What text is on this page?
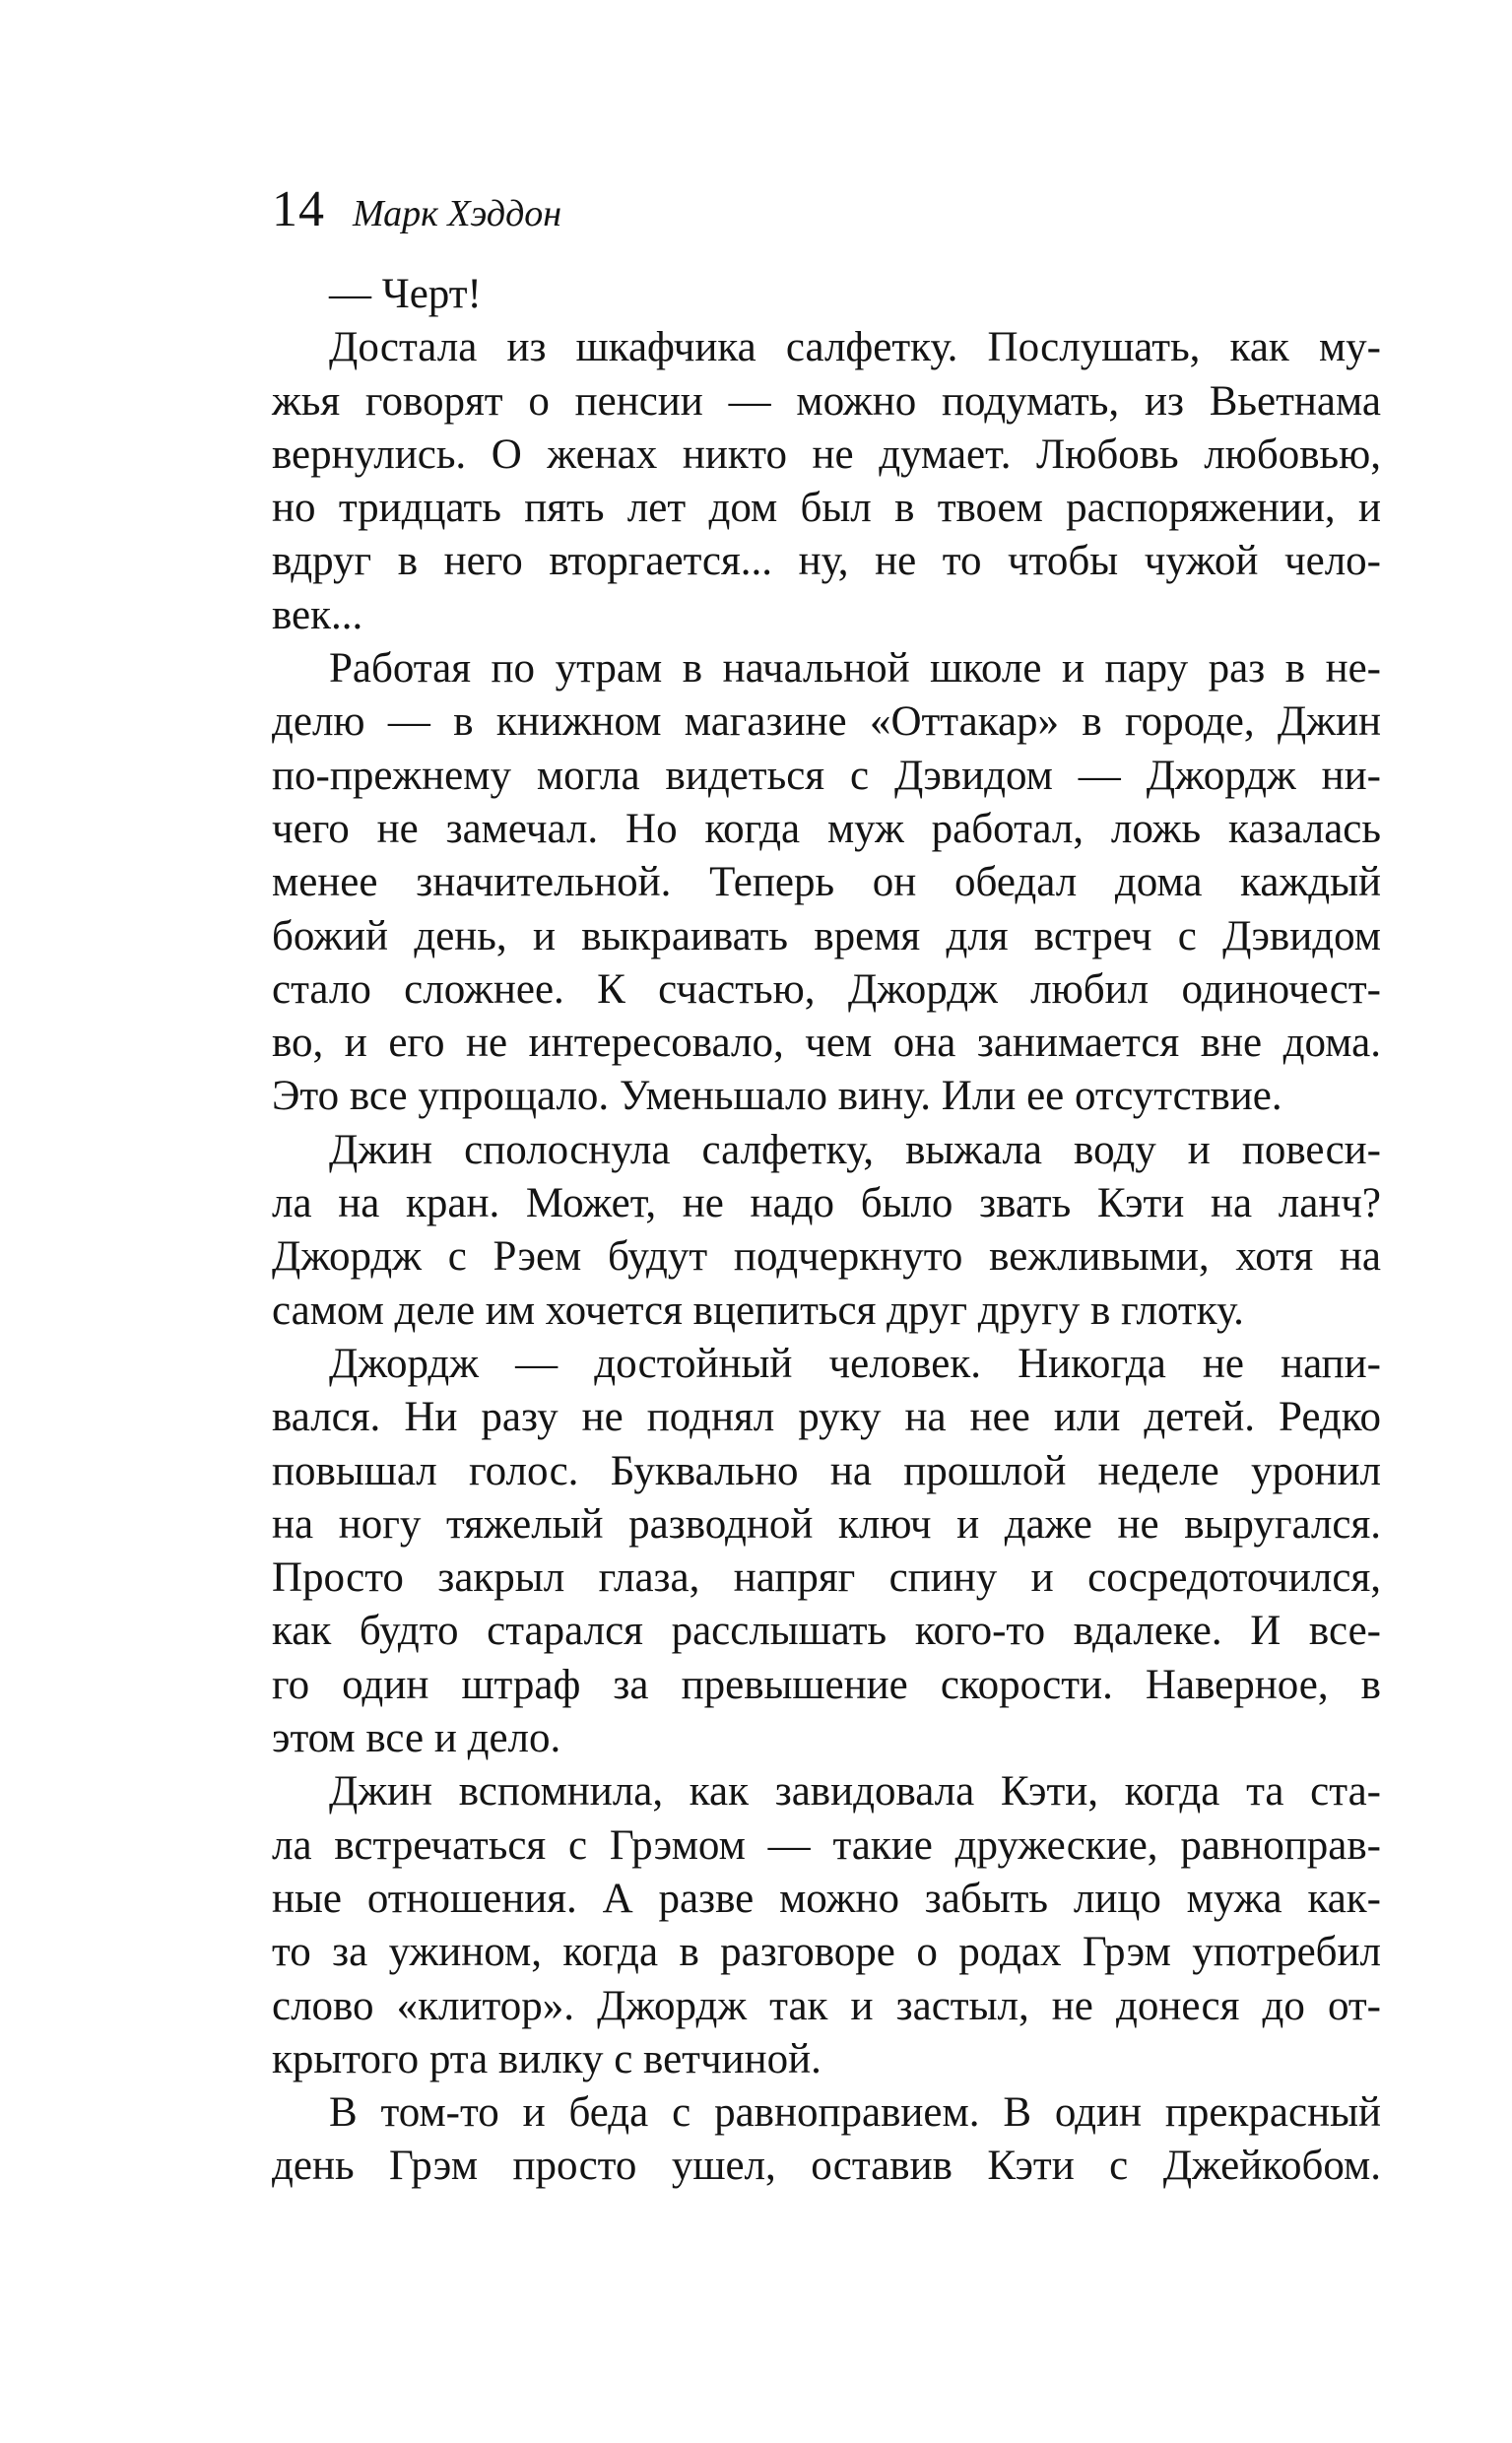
14 Марк Хэддон
— Черт!
Достала из шкафчика салфетку. Послушать, как му-
жья говорят о пенсии — можно подумать, из Вьетнама
вернулись. О женах никто не думает. Любовь любовью,
но тридцать пять лет дом был в твоем распоряжении, и
вдруг в него вторгается... ну, не то чтобы чужой чело-
век...
Работая по утрам в начальной школе и пару раз в не-
делю — в книжном магазине «Оттакар» в городе, Джин
по-прежнему могла видеться с Дэвидом — Джордж ни-
чего не замечал. Но когда муж работал, ложь казалась
менее значительной. Теперь он обедал дома каждый
божий день, и выкраивать время для встреч с Дэвидом
стало сложнее. К счастью, Джордж любил одиночест-
во, и его не интересовало, чем она занимается вне дома.
Это все упрощало. Уменьшало вину. Или ее отсутствие.
Джин сполоснула салфетку, выжала воду и повеси-
ла на кран. Может, не надо было звать Кэти на ланч?
Джордж с Рэем будут подчеркнуто вежливыми, хотя на
самом деле им хочется вцепиться друг другу в глотку.
Джордж — достойный человек. Никогда не напи-
вался. Ни разу не поднял руку на нее или детей. Редко
повышал голос. Буквально на прошлой неделе уронил
на ногу тяжелый разводной ключ и даже не выругался.
Просто закрыл глаза, напряг спину и сосредоточился,
как будто старался расслышать кого-то вдалеке. И все-
го один штраф за превышение скорости. Наверное, в
этом все и дело.
Джин вспомнила, как завидовала Кэти, когда та ста-
ла встречаться с Грэмом — такие дружеские, равноправ-
ные отношения. А разве можно забыть лицо мужа как-
то за ужином, когда в разговоре о родах Грэм употребил
слово «клитор». Джордж так и застыл, не донеся до от-
крытого рта вилку с ветчиной.
В том-то и беда с равноправием. В один прекрасный
день Грэм просто ушел, оставив Кэти с Джейкобом.
